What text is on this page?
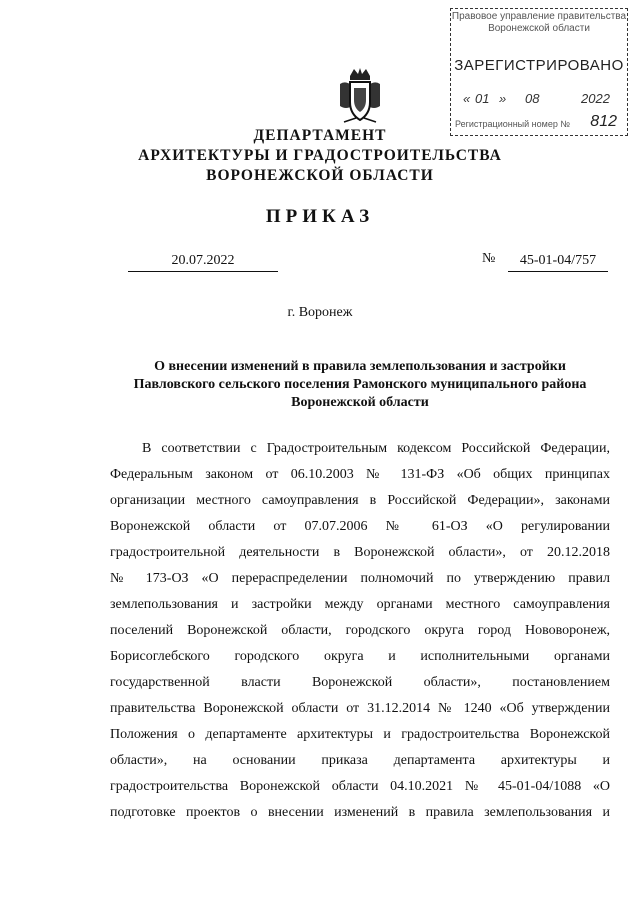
Правовое управление правительства
Воронежской области
ЗАРЕГИСТРИРОВАНО
« 01 » 08	2022
Регистрационный номер № 812
ДЕПАРТАМЕНТ
АРХИТЕКТУРЫ И ГРАДОСТРОИТЕЛЬСТВА
ВОРОНЕЖСКОЙ ОБЛАСТИ
ПРИКАЗ
20.07.2022	№	45-01-04/757
г. Воронеж
О внесении изменений в правила землепользования и застройки
Павловского сельского поселения Рамонского муниципального района
Воронежской области
В соответствии с Градостроительным кодексом Российской Федерации,
Федеральным законом от 06.10.2003 № 131-ФЗ «Об общих принципах
организации местного самоуправления в Российской Федерации», законами
Воронежской области от 07.07.2006 № 61-ОЗ «О регулировании
градостроительной деятельности в Воронежской области», от 20.12.2018
№ 173-ОЗ «О перераспределении полномочий по утверждению правил
землепользования и застройки между органами местного самоуправления
поселений Воронежской области, городского округа город Нововоронеж,
Борисоглебского городского округа и исполнительными органами
государственной власти Воронежской области», постановлением
правительства Воронежской области от 31.12.2014 № 1240 «Об утверждении
Положения о департаменте архитектуры и градостроительства Воронежской
области», на основании приказа департамента архитектуры и
градостроительства Воронежской области 04.10.2021 № 45-01-04/1088 «О
подготовке проектов о внесении изменений в правила землепользования и
